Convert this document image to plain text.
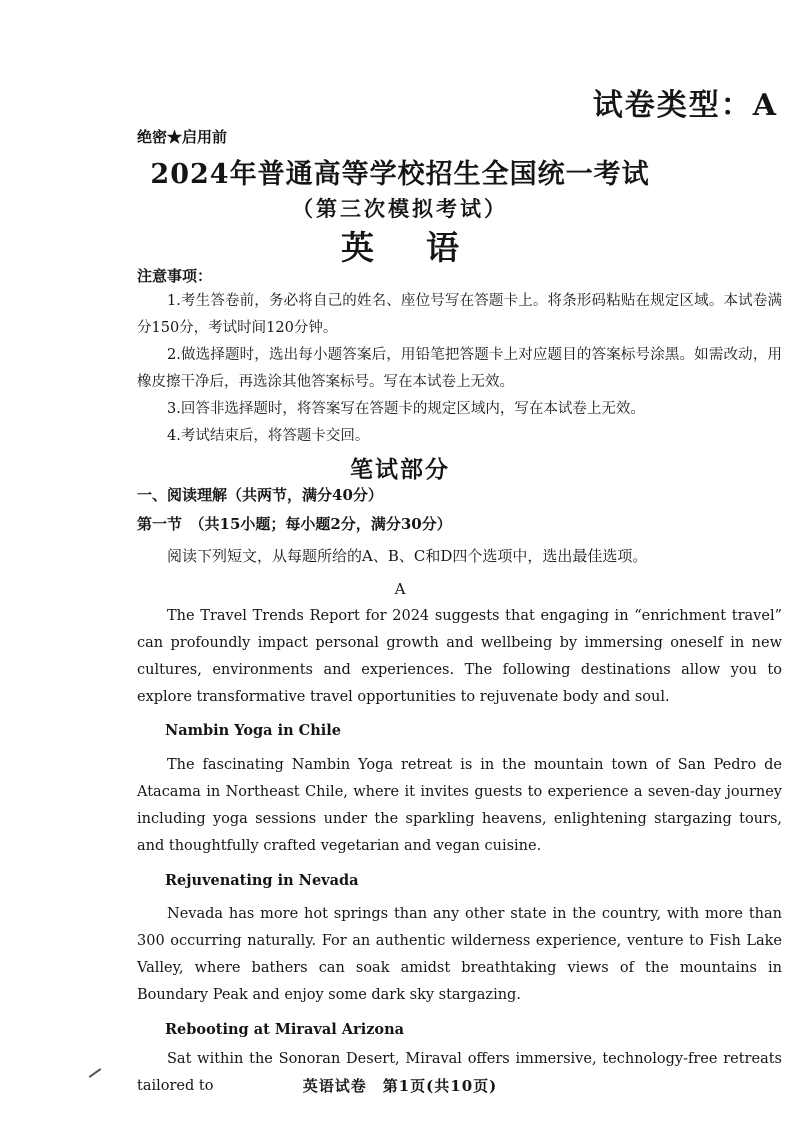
试卷类型：A
绝密★启用前
2024年普通高等学校招生全国统一考试
（第三次模拟考试）
英语
注意事项：
1.考生答卷前，务必将自己的姓名、座位号写在答题卡上。将条形码粘贴在规定区域。本试卷满分150分，考试时间120分钟。
2.做选择题时，选出每小题答案后，用铅笔把答题卡上对应题目的答案标号涂黑。如需改动，用橡皮擦干净后，再选涂其他答案标号。写在本试卷上无效。
3.回答非选择题时，将答案写在答题卡的规定区域内，写在本试卷上无效。
4.考试结束后，将答题卡交回。
笔试部分
一、阅读理解（共两节，满分40分）
第一节　（共15小题；每小题2分，满分30分）
阅读下列短文，从每题所给的A、B、C和D四个选项中，选出最佳选项。
A
The Travel Trends Report for 2024 suggests that engaging in “enrichment travel” can profoundly impact personal growth and wellbeing by immersing oneself in new cultures, environments and experiences. The following destinations allow you to explore transformative travel opportunities to rejuvenate body and soul.
Nambin Yoga in Chile
The fascinating Nambin Yoga retreat is in the mountain town of San Pedro de Atacama in Northeast Chile, where it invites guests to experience a seven-day journey including yoga sessions under the sparkling heavens, enlightening stargazing tours, and thoughtfully crafted vegetarian and vegan cuisine.
Rejuvenating in Nevada
Nevada has more hot springs than any other state in the country, with more than 300 occurring naturally. For an authentic wilderness experience, venture to Fish Lake Valley, where bathers can soak amidst breathtaking views of the mountains in Boundary Peak and enjoy some dark sky stargazing.
Rebooting at Miraval Arizona
Sat within the Sonoran Desert, Miraval offers immersive, technology-free retreats tailored to	英语试卷　第1页(共10页)
